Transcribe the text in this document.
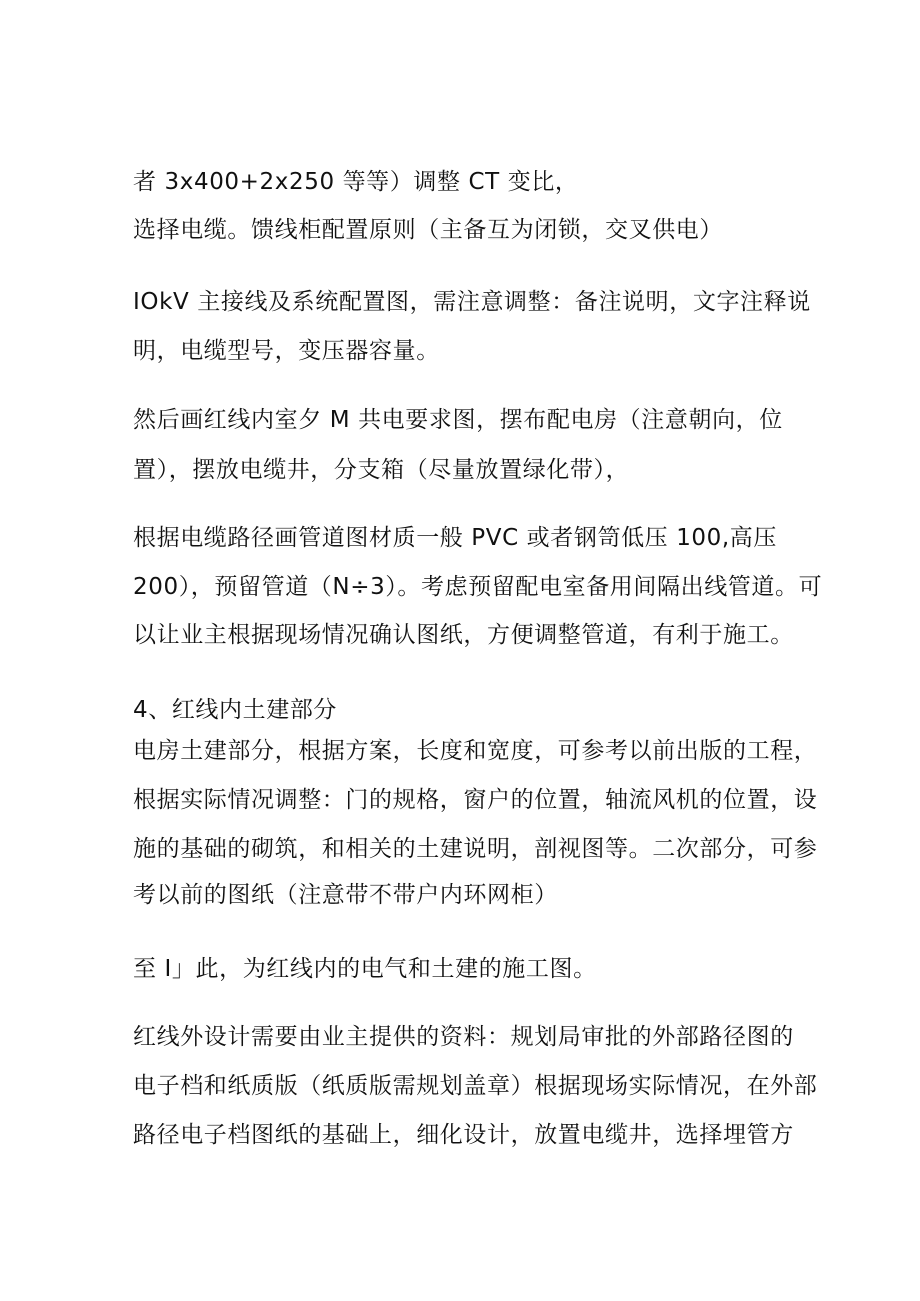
者 3x400+2x250 等等）调整 CT 变比，
选择电缆。馈线柜配置原则（主备互为闭锁，交叉供电）
IOkV 主接线及系统配置图，需注意调整：备注说明，文字注释说
明，电缆型号，变压器容量。
然后画红线内室夕 M 共电要求图，摆布配电房（注意朝向，位
置），摆放电缆井，分支箱（尽量放置绿化带），
根据电缆路径画管道图材质一般 PVC 或者钢笥低压 100,高压
200），预留管道（N÷3）。考虑预留配电室备用间隔出线管道。可
以让业主根据现场情况确认图纸，方便调整管道，有利于施工。
4、红线内土建部分
电房土建部分，根据方案，长度和宽度，可参考以前出版的工程，
根据实际情况调整：门的规格，窗户的位置，轴流风机的位置，设
施的基础的砌筑，和相关的土建说明，剖视图等。二次部分，可参
考以前的图纸（注意带不带户内环网柜）
至 I」此，为红线内的电气和土建的施工图。
红线外设计需要由业主提供的资料：规划局审批的外部路径图的
电子档和纸质版（纸质版需规划盖章）根据现场实际情况，在外部
路径电子档图纸的基础上，细化设计，放置电缆井，选择埋管方
